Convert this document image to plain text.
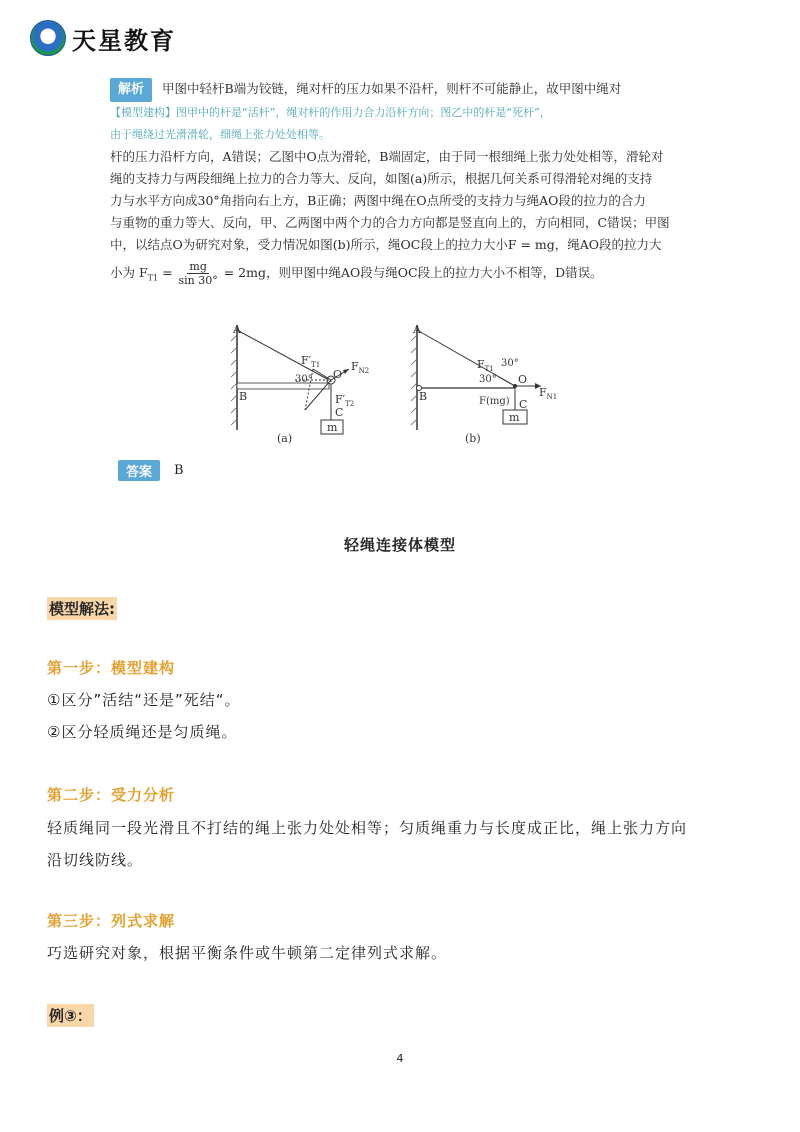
天星教育
解析 甲图中轻杆B端为铰链，绳对杆的压力如果不沿杆，则杆不可能静止，故甲图中绳对
【模型建构】图甲中的杆是“活杆”，绳对杆的作用力合力沿杆方向；图乙中的杆是“死杆”，
由于绳绕过光滑滑轮，细绳上张力处处相等。
杆的压力沿杆方向，A错误；乙图中O点为滑轮，B端固定，由于同一根细绳上张力处处相等，滑轮对
绳的支持力与两段细绳上拉力的合力等大、反向，如图(a)所示，根据几何关系可得滑轮对绳的支持
力与水平方向成30°角指向右上方，B正确；两图中绳在O点所受的支持力与绳AO段的拉力的合力
与重物的重力等大、反向，甲、乙两图中两个力的合力方向都是竖直向上的，方向相同，C错误；甲图
中，以结点O为研究对象，受力情况如图(b)所示，绳OC段上的拉力大小F = mg，绳AO段的拉力大
小为 $F_{T1} = \frac{mg}{\sin 30^\circ} = 2mg$，则甲图中绳AO段与绳OC段上的拉力大小不相等，D错误。
A
B
O
C
m
30°
$F'_{T1}$	$F_{N2}$
$F'_{T2}$
(a)
A
B
O
C
m
30°
30°
$F_{T1}$
$F_{N1}$
F(mg)
(b)
答案	B
轻绳连接体模型
模型解法:
第一步：模型建构
①区分”活结“还是”死结“。
②区分轻质绳还是匀质绳。
第二步：受力分析
轻质绳同一段光滑且不打结的绳上张力处处相等；匀质绳重力与长度成正比，绳上张力方向
沿切线防线。
第三步：列式求解
巧选研究对象，根据平衡条件或牛顿第二定律列式求解。
例③：
4
